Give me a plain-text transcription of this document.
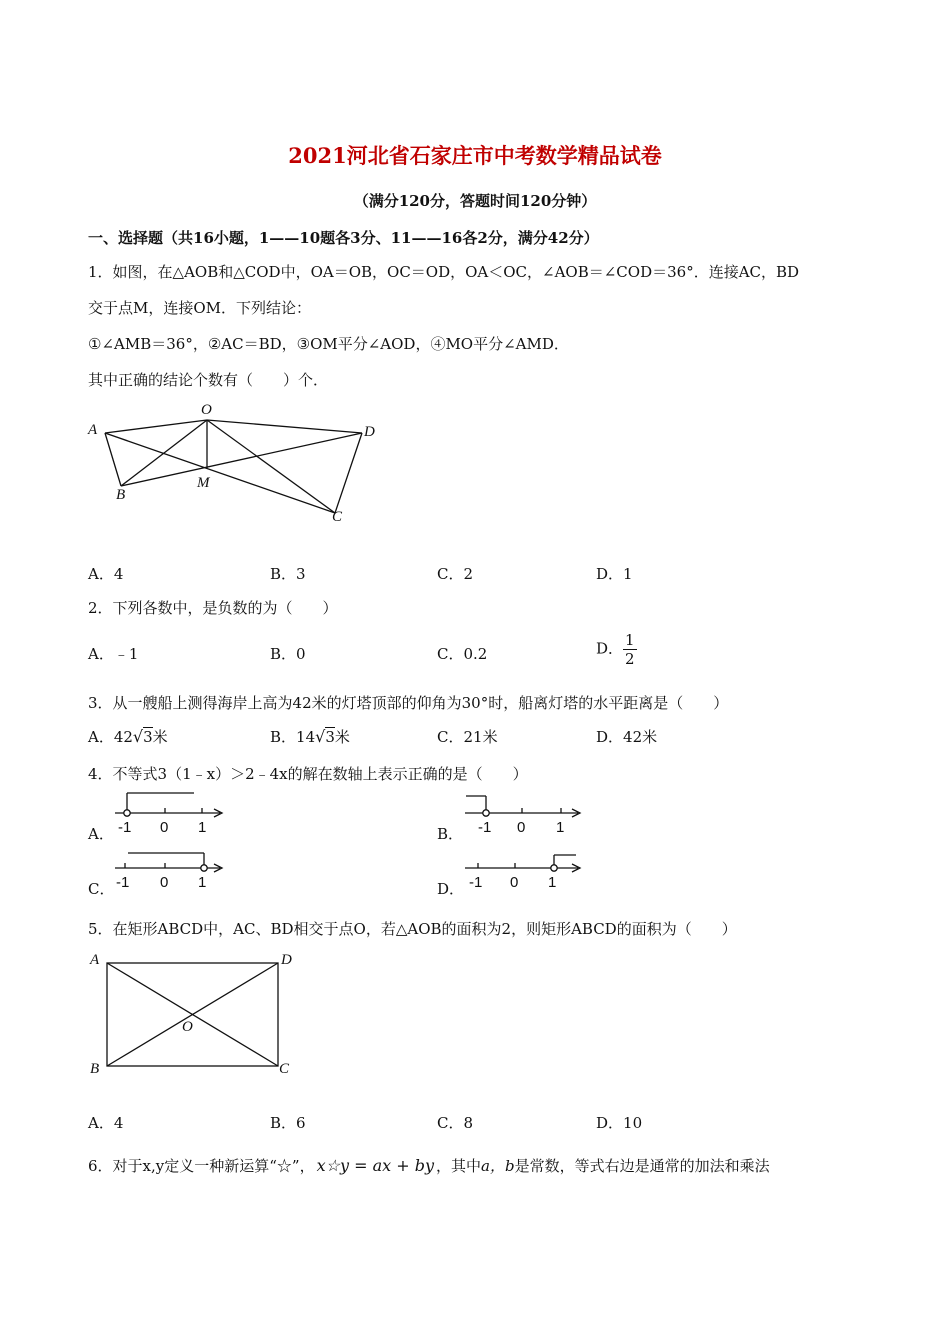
2021河北省石家庄市中考数学精品试卷
（满分120分，答题时间120分钟）
一、选择题（共16小题，1——10题各3分、11——16各2分，满分42分）
1．如图，在△AOB和△COD中，OA＝OB，OC＝OD，OA＜OC，∠AOB＝∠COD＝36°．连接AC，BD
交于点M，连接OM．下列结论：
①∠AMB＝36°，②AC＝BD，③OM平分∠AOD，④MO平分∠AMD．
其中正确的结论个数有（　　）个．
A
O
D
B
M
C
A．4	B．3	C．2	D．1
2．下列各数中，是负数的为（　　）
A．﹣1	B．0	C．0.2	D． $\frac{1}{2}$
3．从一艘船上测得海岸上高为42米的灯塔顶部的仰角为30°时，船离灯塔的水平距离是（　　）
A．42√3米	B．14√3米	C．21米	D．42米
4．不等式3（1﹣x）＞2﹣4x的解在数轴上表示正确的是（　　）
A． -1 0 1	B． -1 0 1
C． -1 0 1	D． -1 0 1
5．在矩形ABCD中，AC、BD相交于点O，若△AOB的面积为2，则矩形ABCD的面积为（　　）
A	D
O
B	C
A．4	B．6	C．8	D．10
6．对于x,y定义一种新运算“☆”， x☆y = ax + by ，其中a，b是常数，等式右边是通常的加法和乘法
